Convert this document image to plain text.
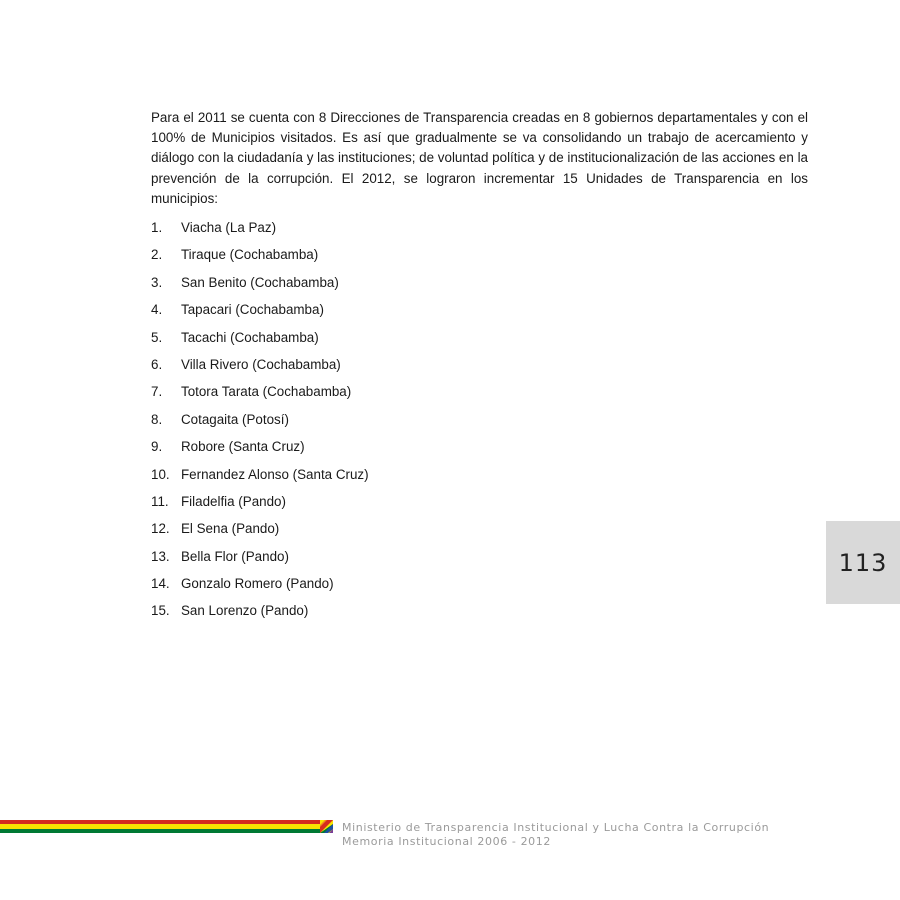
Para el 2011 se cuenta con 8 Direcciones de Transparencia creadas en 8 gobiernos departamentales y con el 100% de Municipios visitados. Es así que gradualmente se va consolidando un trabajo de acercamiento y diálogo con la ciudadanía y las instituciones; de voluntad política y de institucionalización de las acciones en la prevención de la corrupción. El 2012, se lograron incrementar 15 Unidades de Transparencia en los municipios:

1.	Viacha (La Paz)
2.	Tiraque (Cochabamba)
3.	San Benito (Cochabamba)
4.	Tapacari (Cochabamba)
5.	Tacachi (Cochabamba)
6.	Villa Rivero (Cochabamba)
7.	Totora Tarata (Cochabamba)
8.	Cotagaita (Potosí)
9.	Robore (Santa Cruz)
10. Fernandez Alonso (Santa Cruz)
11. Filadelfia (Pando)
12. El Sena (Pando)
13. Bella Flor (Pando)
14. Gonzalo Romero (Pando)
15. San Lorenzo (Pando)
113
Ministerio de Transparencia Institucional y Lucha Contra la Corrupción
Memoria Institucional 2006 - 2012
